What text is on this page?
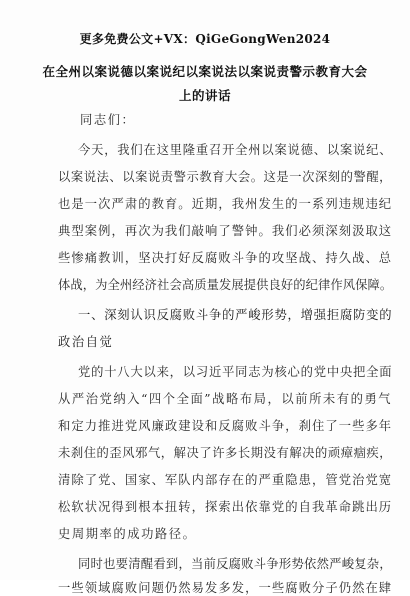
更多免费公文+VX：QiGeGongWen2024
在全州以案说德以案说纪以案说法以案说责警示教育大会
上的讲话
同志们：
今天，我们在这里隆重召开全州以案说德、以案说纪、
以案说法、以案说责警示教育大会。这是一次深刻的警醒，
也是一次严肃的教育。近期，我州发生的一系列违规违纪
典型案例，再次为我们敲响了警钟。我们必须深刻汲取这
些惨痛教训，坚决打好反腐败斗争的攻坚战、持久战、总
体战，为全州经济社会高质量发展提供良好的纪律作风保障。
一、深刻认识反腐败斗争的严峻形势，增强拒腐防变的
政治自觉
党的十八大以来，以习近平同志为核心的党中央把全面
从严治党纳入“四个全面”战略布局，以前所未有的勇气
和定力推进党风廉政建设和反腐败斗争，刹住了一些多年
未刹住的歪风邪气，解决了许多长期没有解决的顽瘴痼疾，
清除了党、国家、军队内部存在的严重隐患，管党治党宽
松软状况得到根本扭转，探索出依靠党的自我革命跳出历
史周期率的成功路径。
同时也要清醒看到，当前反腐败斗争形势依然严峻复杂，
一些领域腐败问题仍然易发多发，一些腐败分子仍然在肆
